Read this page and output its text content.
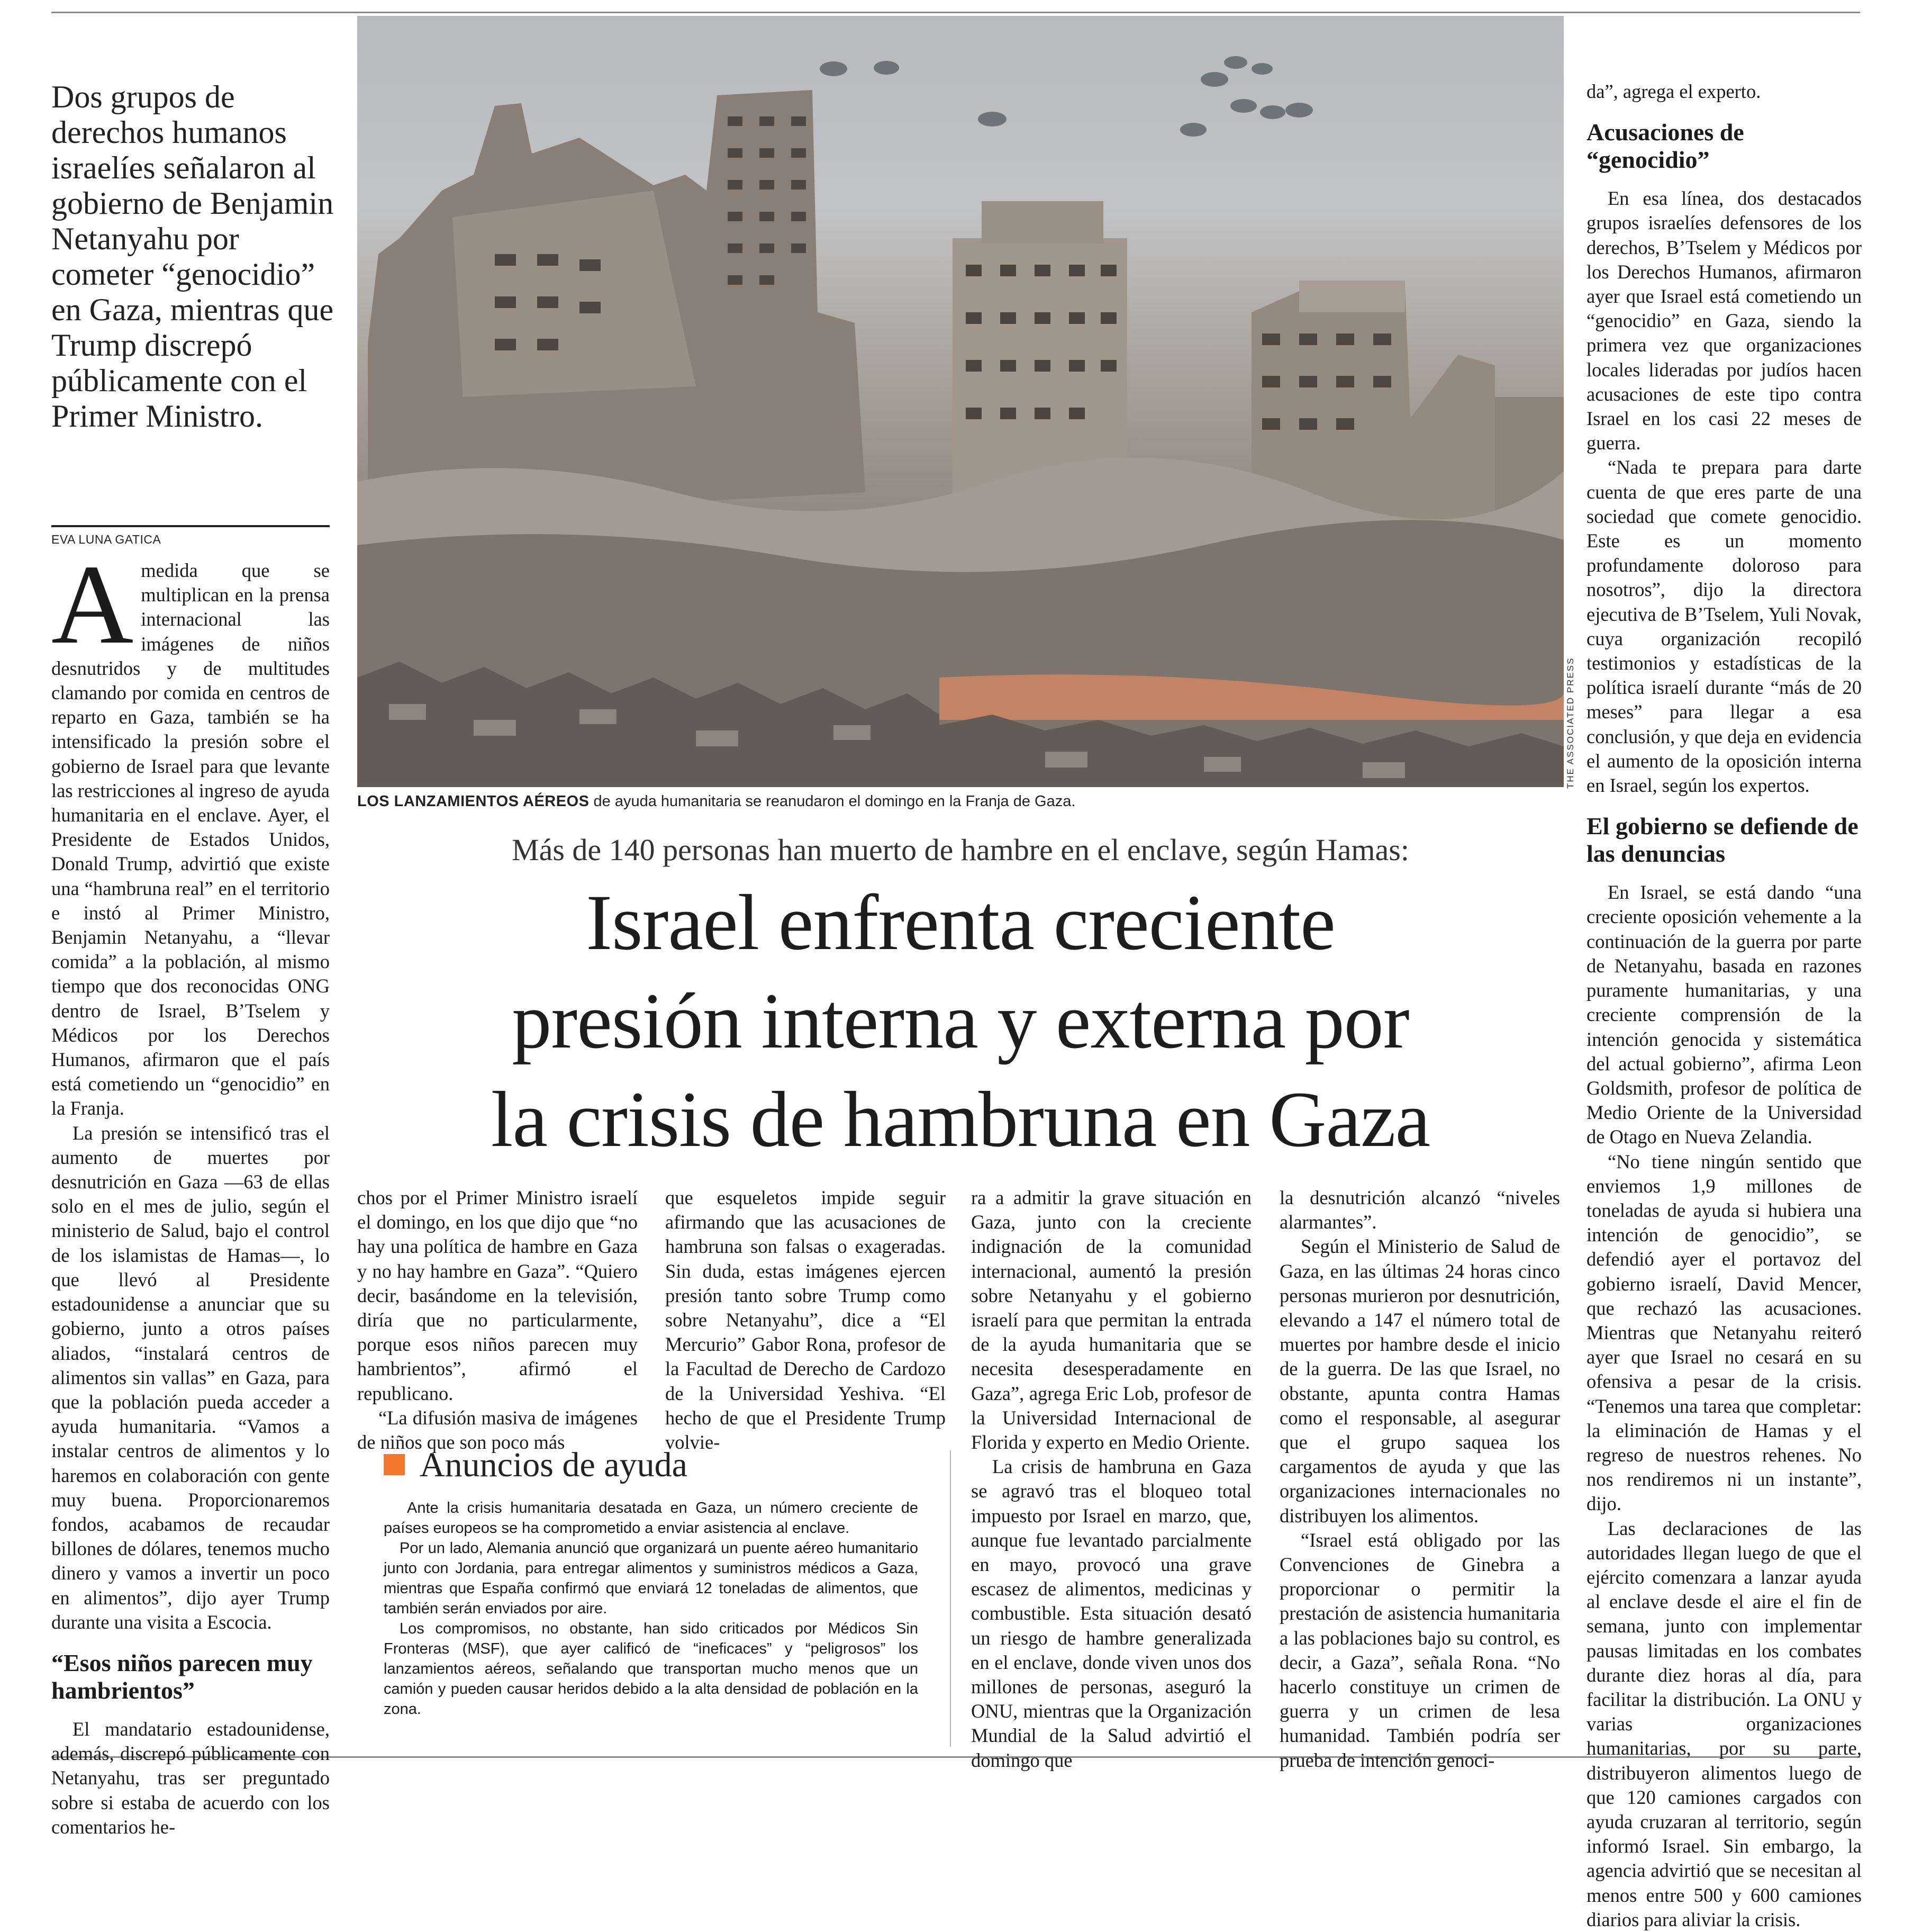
Dos grupos de derechos humanos israelíes señalaron al gobierno de Benjamin Netanyahu por cometer “genocidio” en Gaza, mientras que Trump discrepó públicamente con el Primer Ministro.
EVA LUNA GATICA

Amedida que se multiplican en la prensa internacional las imágenes de niños desnutridos y de multitudes clamando por comida en centros de reparto en Gaza, también se ha intensificado la presión sobre el gobierno de Israel para que levante las restricciones al ingreso de ayuda humanitaria en el enclave. Ayer, el Presidente de Estados Unidos, Donald Trump, advirtió que existe una “hambruna real” en el territorio e instó al Primer Ministro, Benjamin Netanyahu, a “llevar comida” a la población, al mismo tiempo que dos reconocidas ONG dentro de Israel, B’Tselem y Médicos por los Derechos Humanos, afirmaron que el país está cometiendo un “genocidio” en la Franja.

La presión se intensificó tras el aumento de muertes por desnutrición en Gaza —63 de ellas solo en el mes de julio, según el ministerio de Salud, bajo el control de los islamistas de Hamas—, lo que llevó al Presidente estadounidense a anunciar que su gobierno, junto a otros países aliados, “instalará centros de alimentos sin vallas” en Gaza, para que la población pueda acceder a ayuda humanitaria. “Vamos a instalar centros de alimentos y lo haremos en colaboración con gente muy buena. Proporcionaremos fondos, acabamos de recaudar billones de dólares, tenemos mucho dinero y vamos a invertir un poco en alimentos”, dijo ayer Trump durante una visita a Escocia.

“Esos niños parecen muy hambrientos”

El mandatario estadounidense, además, discrepó públicamente con Netanyahu, tras ser preguntado sobre si estaba de acuerdo con los comentarios he-

THE ASSOCIATED PRESS
LOS LANZAMIENTOS AÉREOS de ayuda humanitaria se reanudaron el domingo en la Franja de Gaza.
Más de 140 personas han muerto de hambre en el enclave, según Hamas:
Israel enfrenta creciente
presión interna y externa por
la crisis de hambruna en Gaza

chos por el Primer Ministro israelí el domingo, en los que dijo que “no hay una política de hambre en Gaza y no hay hambre en Gaza”. “Quiero decir, basándome en la televisión, diría que no particularmente, porque esos niños parecen muy hambrientos”, afirmó el republicano.

“La difusión masiva de imágenes de niños que son poco más

que esqueletos impide seguir afirmando que las acusaciones de hambruna son falsas o exageradas. Sin duda, estas imágenes ejercen presión tanto sobre Trump como sobre Netanyahu”, dice a “El Mercurio” Gabor Rona, profesor de la Facultad de Derecho de Cardozo de la Universidad Yeshiva. “El hecho de que el Presidente Trump volvie-

ra a admitir la grave situación en Gaza, junto con la creciente indignación de la comunidad internacional, aumentó la presión sobre Netanyahu y el gobierno israelí para que permitan la entrada de la ayuda humanitaria que se necesita desesperadamente en Gaza”, agrega Eric Lob, profesor de la Universidad Internacional de Florida y experto en Medio Oriente.

La crisis de hambruna en Gaza se agravó tras el bloqueo total impuesto por Israel en marzo, que, aunque fue levantado parcialmente en mayo, provocó una grave escasez de alimentos, medicinas y combustible. Esta situación desató un riesgo de hambre generalizada en el enclave, donde viven unos dos millones de personas, aseguró la ONU, mientras que la Organización Mundial de la Salud advirtió el domingo que

la desnutrición alcanzó “niveles alarmantes”.

Según el Ministerio de Salud de Gaza, en las últimas 24 horas cinco personas murieron por desnutrición, elevando a 147 el número total de muertes por hambre desde el inicio de la guerra. De las que Israel, no obstante, apunta contra Hamas como el responsable, al asegurar que el grupo saquea los cargamentos de ayuda y que las organizaciones internacionales no distribuyen los alimentos.

“Israel está obligado por las Convenciones de Ginebra a proporcionar o permitir la prestación de asistencia humanitaria a las poblaciones bajo su control, es decir, a Gaza”, señala Rona. “No hacerlo constituye un crimen de guerra y un crimen de lesa humanidad. También podría ser prueba de intención genoci-

Anuncios de ayuda

Ante la crisis humanitaria desatada en Gaza, un número creciente de países europeos se ha comprometido a enviar asistencia al enclave.

Por un lado, Alemania anunció que organizará un puente aéreo humanitario junto con Jordania, para entregar alimentos y suministros médicos a Gaza, mientras que España confirmó que enviará 12 toneladas de alimentos, que también serán enviados por aire.

Los compromisos, no obstante, han sido criticados por Médicos Sin Fronteras (MSF), que ayer calificó de “ineficaces” y “peligrosos” los lanzamientos aéreos, señalando que transportan mucho menos que un camión y pueden causar heridos debido a la alta densidad de población en la zona.

da”, agrega el experto.

Acusaciones de “genocidio”

En esa línea, dos destacados grupos israelíes defensores de los derechos, B’Tselem y Médicos por los Derechos Humanos, afirmaron ayer que Israel está cometiendo un “genocidio” en Gaza, siendo la primera vez que organizaciones locales lideradas por judíos hacen acusaciones de este tipo contra Israel en los casi 22 meses de guerra.

“Nada te prepara para darte cuenta de que eres parte de una sociedad que comete genocidio. Este es un momento profundamente doloroso para nosotros”, dijo la directora ejecutiva de B’Tselem, Yuli Novak, cuya organización recopiló testimonios y estadísticas de la política israelí durante “más de 20 meses” para llegar a esa conclusión, y que deja en evidencia el aumento de la oposición interna en Israel, según los expertos.

El gobierno se defiende de las denuncias

En Israel, se está dando “una creciente oposición vehemente a la continuación de la guerra por parte de Netanyahu, basada en razones puramente humanitarias, y una creciente comprensión de la intención genocida y sistemática del actual gobierno”, afirma Leon Goldsmith, profesor de política de Medio Oriente de la Universidad de Otago en Nueva Zelandia.

“No tiene ningún sentido que enviemos 1,9 millones de toneladas de ayuda si hubiera una intención de genocidio”, se defendió ayer el portavoz del gobierno israelí, David Mencer, que rechazó las acusaciones. Mientras que Netanyahu reiteró ayer que Israel no cesará en su ofensiva a pesar de la crisis. “Tenemos una tarea que completar: la eliminación de Hamas y el regreso de nuestros rehenes. No nos rendiremos ni un instante”, dijo.

Las declaraciones de las autoridades llegan luego de que el ejército comenzara a lanzar ayuda al enclave desde el aire el fin de semana, junto con implementar pausas limitadas en los combates durante diez horas al día, para facilitar la distribución. La ONU y varias organizaciones humanitarias, por su parte, distribuyeron alimentos luego de que 120 camiones cargados con ayuda cruzaran al territorio, según informó Israel. Sin embargo, la agencia advirtió que se necesitan al menos entre 500 y 600 camiones diarios para aliviar la crisis.
